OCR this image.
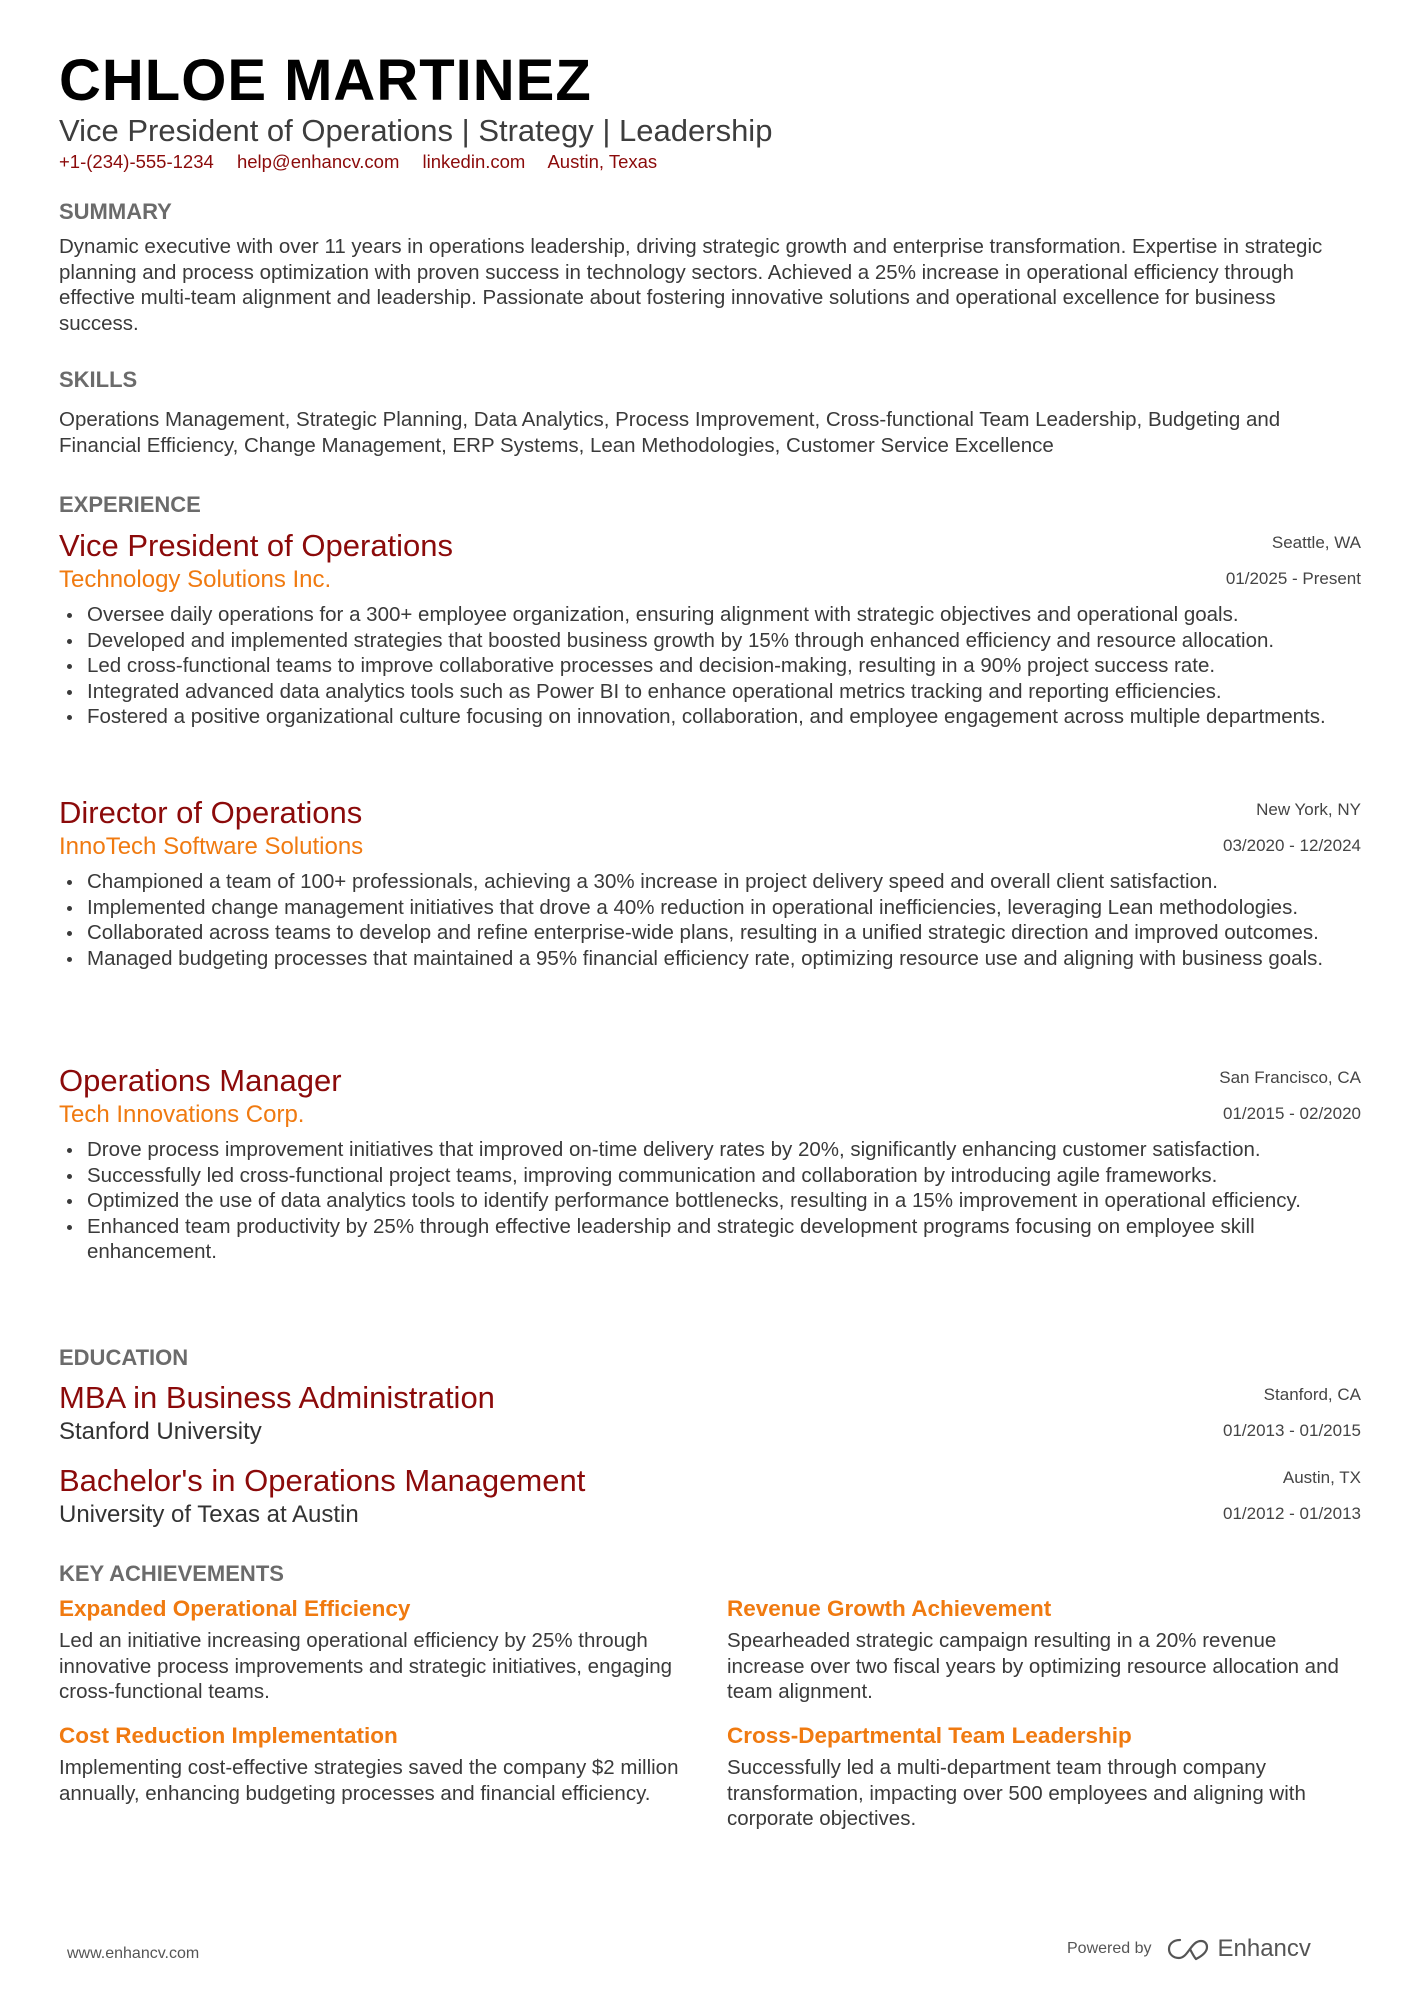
CHLOE MARTINEZ
Vice President of Operations | Strategy | Leadership
+1-(234)-555-1234 help@enhancv.com linkedin.com Austin, Texas
SUMMARY
Dynamic executive with over 11 years in operations leadership, driving strategic growth and enterprise transformation. Expertise in strategic planning and process optimization with proven success in technology sectors. Achieved a 25% increase in operational efficiency through effective multi-team alignment and leadership. Passionate about fostering innovative solutions and operational excellence for business success.
SKILLS
Operations Management, Strategic Planning, Data Analytics, Process Improvement, Cross-functional Team Leadership, Budgeting and Financial Efficiency, Change Management, ERP Systems, Lean Methodologies, Customer Service Excellence
EXPERIENCE
Vice President of Operations
Technology Solutions Inc.
Seattle, WA
01/2025 - Present
Oversee daily operations for a 300+ employee organization, ensuring alignment with strategic objectives and operational goals.
Developed and implemented strategies that boosted business growth by 15% through enhanced efficiency and resource allocation.
Led cross-functional teams to improve collaborative processes and decision-making, resulting in a 90% project success rate.
Integrated advanced data analytics tools such as Power BI to enhance operational metrics tracking and reporting efficiencies.
Fostered a positive organizational culture focusing on innovation, collaboration, and employee engagement across multiple departments.
Director of Operations
InnoTech Software Solutions
New York, NY
03/2020 - 12/2024
Championed a team of 100+ professionals, achieving a 30% increase in project delivery speed and overall client satisfaction.
Implemented change management initiatives that drove a 40% reduction in operational inefficiencies, leveraging Lean methodologies.
Collaborated across teams to develop and refine enterprise-wide plans, resulting in a unified strategic direction and improved outcomes.
Managed budgeting processes that maintained a 95% financial efficiency rate, optimizing resource use and aligning with business goals.
Operations Manager
Tech Innovations Corp.
San Francisco, CA
01/2015 - 02/2020
Drove process improvement initiatives that improved on-time delivery rates by 20%, significantly enhancing customer satisfaction.
Successfully led cross-functional project teams, improving communication and collaboration by introducing agile frameworks.
Optimized the use of data analytics tools to identify performance bottlenecks, resulting in a 15% improvement in operational efficiency.
Enhanced team productivity by 25% through effective leadership and strategic development programs focusing on employee skill enhancement.
EDUCATION
MBA in Business Administration
Stanford University
Stanford, CA
01/2013 - 01/2015
Bachelor's in Operations Management
University of Texas at Austin
Austin, TX
01/2012 - 01/2013
KEY ACHIEVEMENTS
Expanded Operational Efficiency
Led an initiative increasing operational efficiency by 25% through innovative process improvements and strategic initiatives, engaging cross-functional teams.
Revenue Growth Achievement
Spearheaded strategic campaign resulting in a 20% revenue increase over two fiscal years by optimizing resource allocation and team alignment.
Cost Reduction Implementation
Implementing cost-effective strategies saved the company $2 million annually, enhancing budgeting processes and financial efficiency.
Cross-Departmental Team Leadership
Successfully led a multi-department team through company transformation, impacting over 500 employees and aligning with corporate objectives.
www.enhancv.com	Powered by	Enhancv
